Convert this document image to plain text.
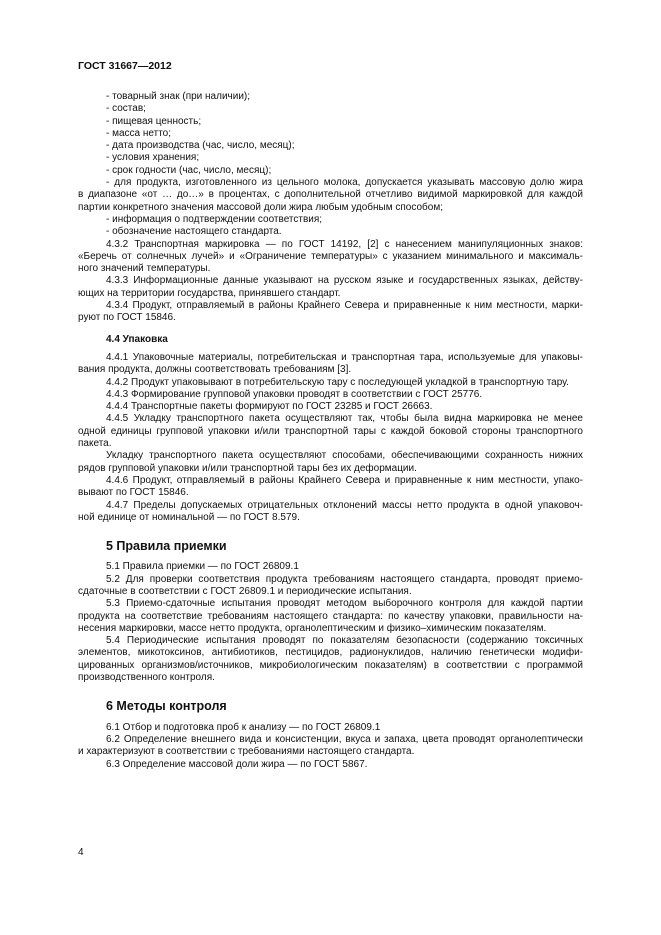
ГОСТ 31667—2012
- товарный знак (при наличии);
- состав;
- пищевая ценность;
- масса нетто;
- дата производства (час, число, месяц);
- условия хранения;
- срок годности (час, число, месяц);
- для продукта, изготовленного из цельного молока, допускается указывать массовую долю жира
в диапазоне «от … до…» в процентах, с дополнительной отчетливо видимой маркировкой для каждой
партии конкретного значения массовой доли жира любым удобным способом;
- информация о подтверждении соответствия;
- обозначение настоящего стандарта.
4.3.2 Транспортная маркировка — по ГОСТ 14192, [2] с нанесением манипуляционных знаков:
«Беречь от солнечных лучей» и «Ограничение температуры» с указанием минимального и максималь-
ного значений температуры.
4.3.3 Информационные данные указывают на русском языке и государственных языках, действу-
ющих на территории государства, принявшего стандарт.
4.3.4 Продукт, отправляемый в районы Крайнего Севера и приравненные к ним местности, марки-
руют по ГОСТ 15846.
4.4 Упаковка
4.4.1 Упаковочные материалы, потребительская и транспортная тара, используемые для упаковы-
вания продукта, должны соответствовать требованиям [3].
4.4.2 Продукт упаковывают в потребительскую тару с последующей укладкой в транспортную тару.
4.4.3 Формирование групповой упаковки проводят в соответствии с ГОСТ 25776.
4.4.4 Транспортные пакеты формируют по ГОСТ 23285 и ГОСТ 26663.
4.4.5 Укладку транспортного пакета осуществляют так, чтобы была видна маркировка не менее
одной единицы групповой упаковки и/или транспортной тары с каждой боковой стороны транспортного
пакета.
Укладку транспортного пакета осуществляют способами, обеспечивающими сохранность нижних
рядов групповой упаковки и/или транспортной тары без их деформации.
4.4.6 Продукт, отправляемый в районы Крайнего Севера и приравненные к ним местности, упако-
вывают по ГОСТ 15846.
4.4.7 Пределы допускаемых отрицательных отклонений массы нетто продукта в одной упаковоч-
ной единице от номинальной — по ГОСТ 8.579.
5 Правила приемки
5.1 Правила приемки — по ГОСТ 26809.1
5.2 Для проверки соответствия продукта требованиям настоящего стандарта, проводят приемо-
сдаточные в соответствии с ГОСТ 26809.1 и периодические испытания.
5.3 Приемо-сдаточные испытания проводят методом выборочного контроля для каждой партии
продукта на соответствие требованиям настоящего стандарта: по качеству упаковки, правильности на-
несения маркировки, массе нетто продукта, органолептическим и физико–химическим показателям.
5.4 Периодические испытания проводят по показателям безопасности (содержанию токсичных
элементов, микотоксинов, антибиотиков, пестицидов, радионуклидов, наличию генетически модифи-
цированных организмов/источников, микробиологическим показателям) в соответствии с программой
производственного контроля.
6 Методы контроля
6.1 Отбор и подготовка проб к анализу — по ГОСТ 26809.1
6.2 Определение внешнего вида и консистенции, вкуса и запаха, цвета проводят органолептически
и характеризуют в соответствии с требованиями настоящего стандарта.
6.3 Определение массовой доли жира — по ГОСТ 5867.
4
